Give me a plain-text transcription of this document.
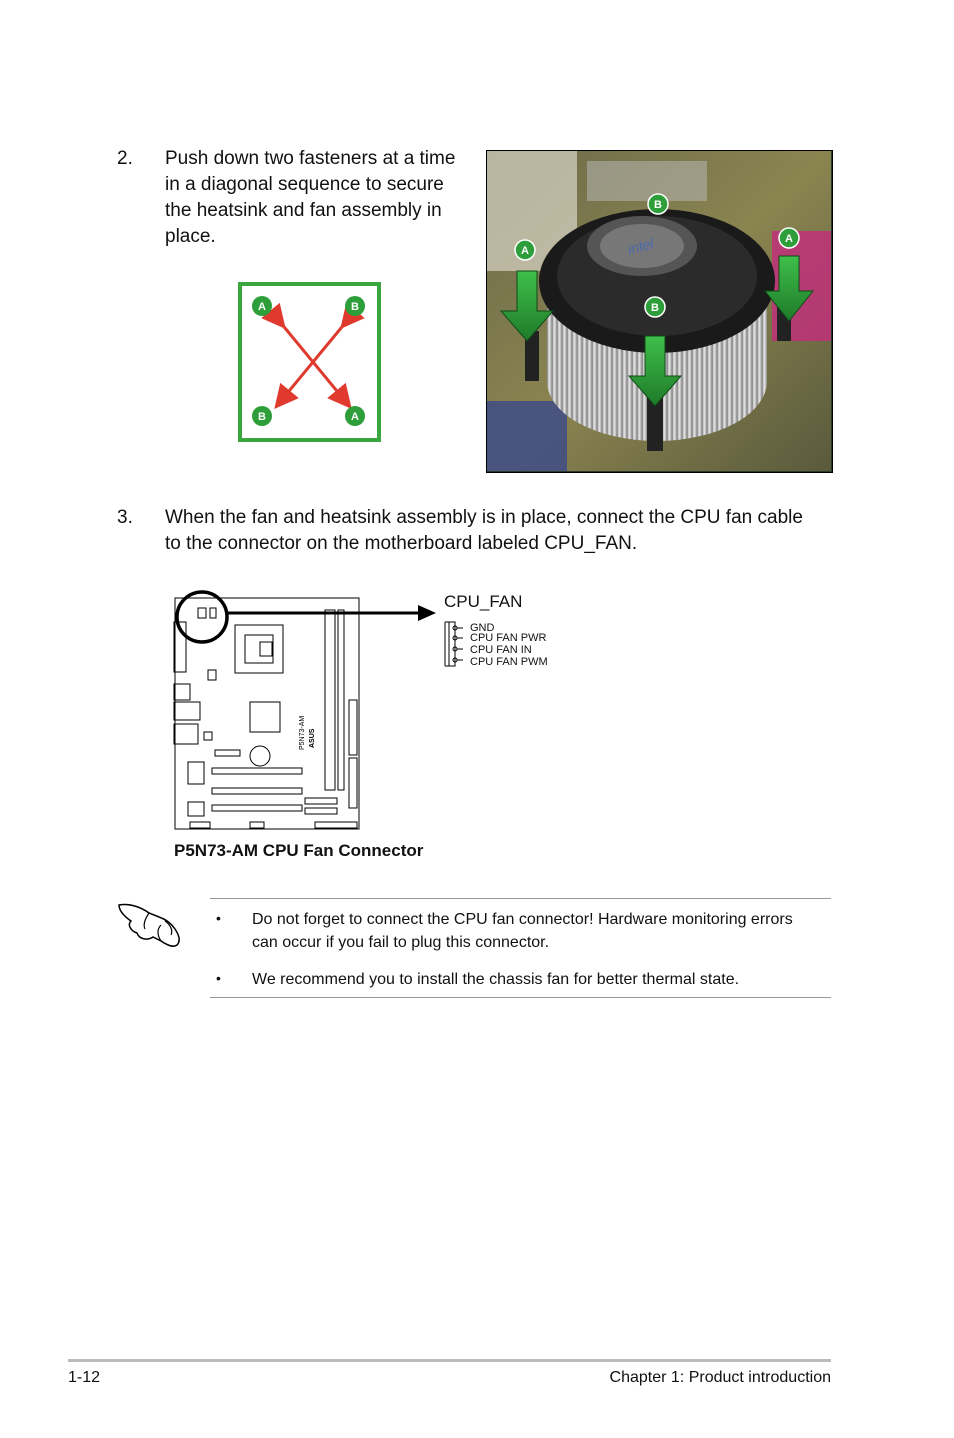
2. Push down two fasteners at a time
in a diagonal sequence to secure
the heatsink and fan assembly in
place.
A	B
B	A
B
A
A
B
intel
3. When the fan and heatsink assembly is in place, connect the CPU fan cable
to the connector on the motherboard labeled CPU_FAN.
P5N73-AM ASUS
CPU_FAN
GND
CPU FAN PWR
CPU FAN IN
CPU FAN PWM
P5N73-AM CPU Fan Connector
• Do not forget to connect the CPU fan connector! Hardware monitoring errors can occur if you fail to plug this connector.
• We recommend you to install the chassis fan for better thermal state.
1-12	Chapter 1: Product introduction
